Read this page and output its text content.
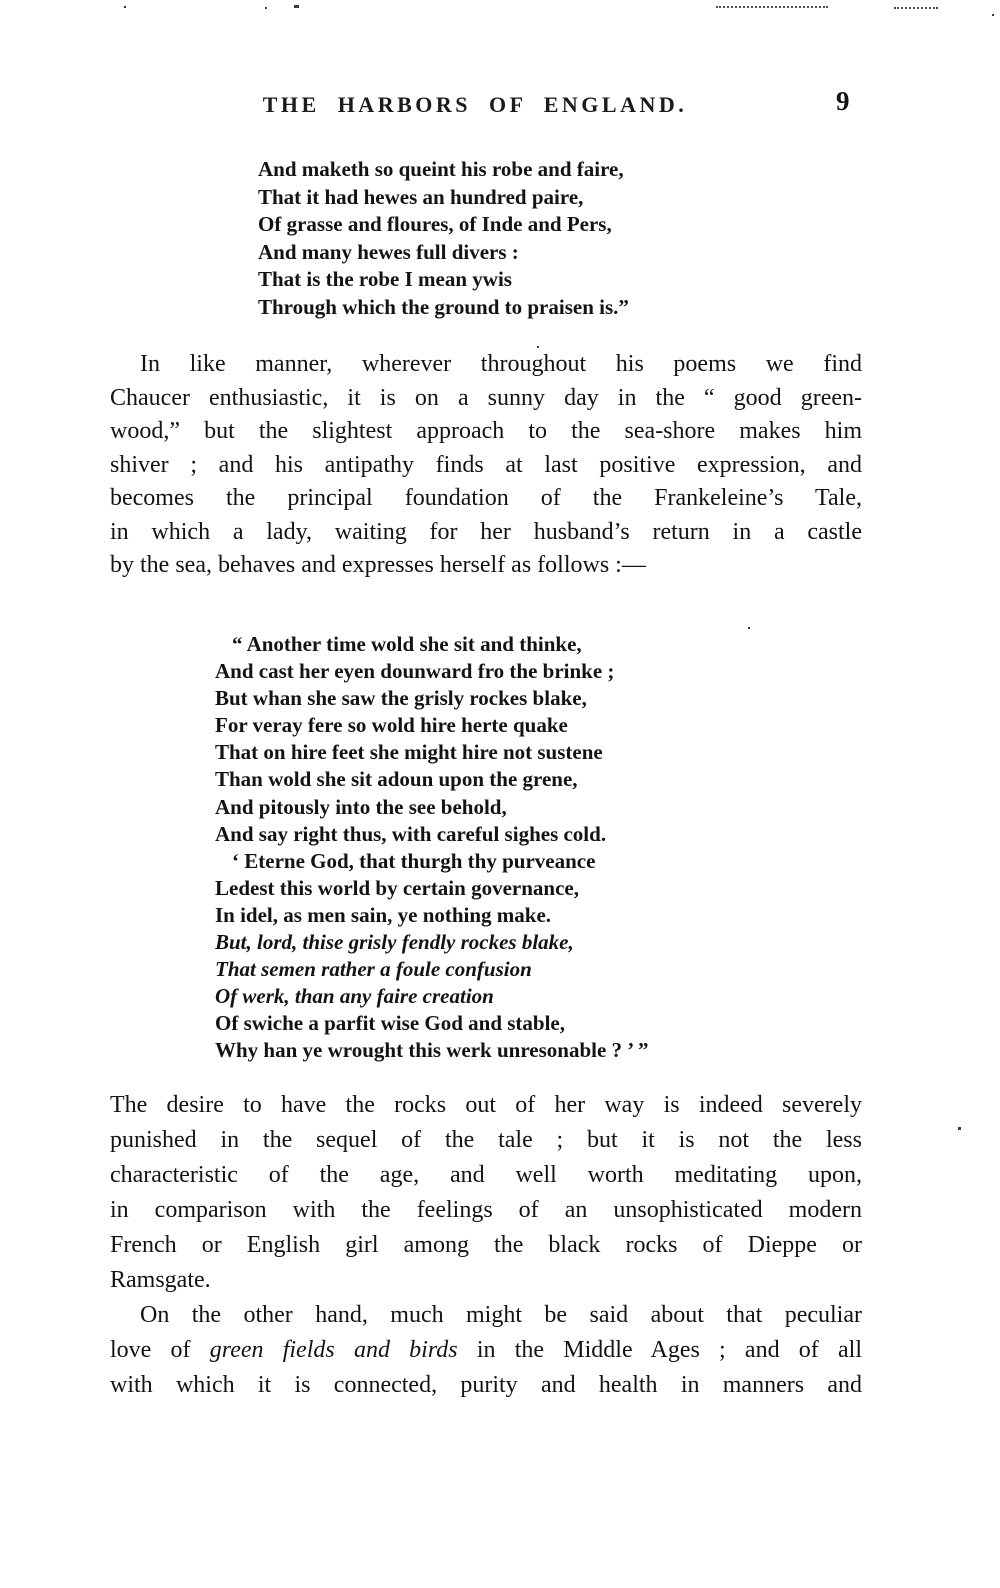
THE HARBORS OF ENGLAND.	9
And maketh so queint his robe and faire,
That it had hewes an hundred paire,
Of grasse and floures, of Inde and Pers,
And many hewes full divers :
That is the robe I mean ywis
Through which the ground to praisen is.”
In like manner, wherever throughout his poems we find
Chaucer enthusiastic, it is on a sunny day in the “ good green-
wood,” but the slightest approach to the sea-shore makes him
shiver ; and his antipathy finds at last positive expression, and
becomes the principal foundation of the Frankeleine’s Tale,
in which a lady, waiting for her husband’s return in a castle
by the sea, behaves and expresses herself as follows :—
“ Another time wold she sit and thinke,
And cast her eyen dounward fro the brinke ;
But whan she saw the grisly rockes blake,
For veray fere so wold hire herte quake
That on hire feet she might hire not sustene
Than wold she sit adoun upon the grene,
And pitously into the see behold,
And say right thus, with careful sighes cold.
‘ Eterne God, that thurgh thy purveance
Ledest this world by certain governance,
In idel, as men sain, ye nothing make.
But, lord, thise grisly fendly rockes blake,
That semen rather a foule confusion
Of werk, than any faire creation
Of swiche a parfit wise God and stable,
Why han ye wrought this werk unresonable ? ’ ”
The desire to have the rocks out of her way is indeed severely
punished in the sequel of the tale ; but it is not the less
characteristic of the age, and well worth meditating upon,
in comparison with the feelings of an unsophisticated modern
French or English girl among the black rocks of Dieppe or
Ramsgate.
On the other hand, much might be said about that peculiar
love of green fields and birds in the Middle Ages ; and of all
with which it is connected, purity and health in manners and
